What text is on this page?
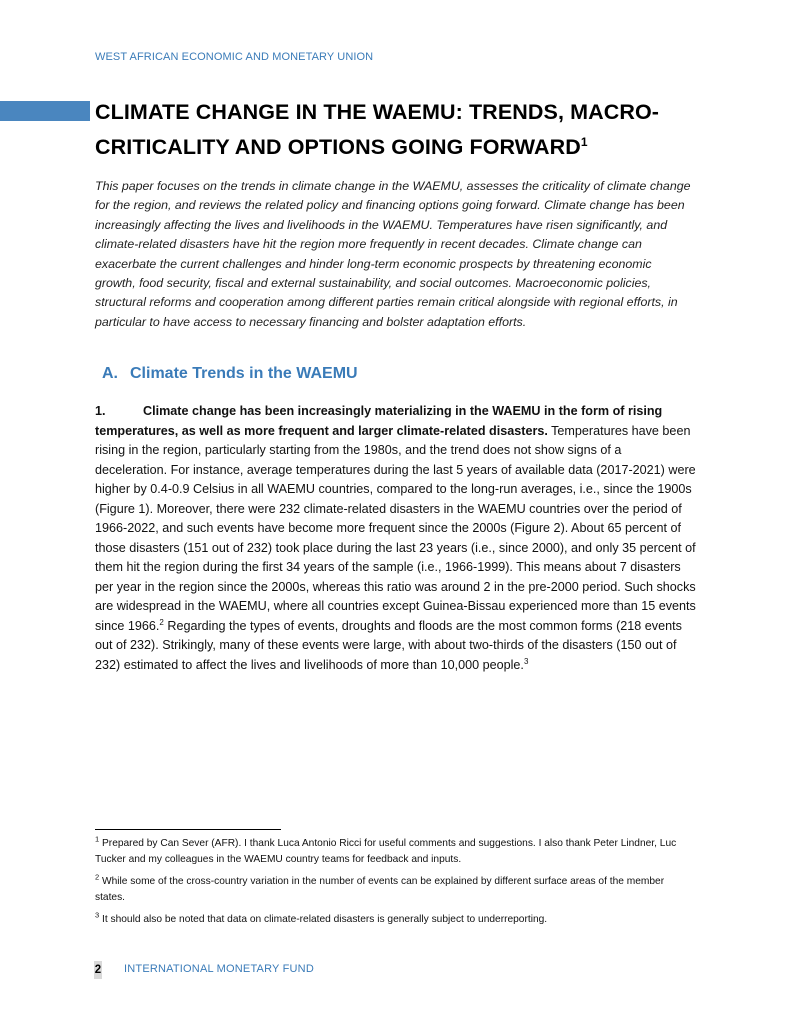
WEST AFRICAN ECONOMIC AND MONETARY UNION
CLIMATE CHANGE IN THE WAEMU: TRENDS, MACRO-CRITICALITY AND OPTIONS GOING FORWARD$^1$

This paper focuses on the trends in climate change in the WAEMU, assesses the criticality of climate change for the region, and reviews the related policy and financing options going forward. Climate change has been increasingly affecting the lives and livelihoods in the WAEMU. Temperatures have risen significantly, and climate-related disasters have hit the region more frequently in recent decades. Climate change can exacerbate the current challenges and hinder long-term economic prospects by threatening economic growth, food security, fiscal and external sustainability, and social outcomes. Macroeconomic policies, structural reforms and cooperation among different parties remain critical alongside with regional efforts, in particular to have access to necessary financing and bolster adaptation efforts.

A. Climate Trends in the WAEMU

1.	Climate change has been increasingly materializing in the WAEMU in the form of rising temperatures, as well as more frequent and larger climate-related disasters. Temperatures have been rising in the region, particularly starting from the 1980s, and the trend does not show signs of a deceleration. For instance, average temperatures during the last 5 years of available data (2017-2021) were higher by 0.4-0.9 Celsius in all WAEMU countries, compared to the long-run averages, i.e., since the 1900s (Figure 1). Moreover, there were 232 climate-related disasters in the WAEMU countries over the period of 1966-2022, and such events have become more frequent since the 2000s (Figure 2). About 65 percent of those disasters (151 out of 232) took place during the last 23 years (i.e., since 2000), and only 35 percent of them hit the region during the first 34 years of the sample (i.e., 1966-1999). This means about 7 disasters per year in the region since the 2000s, whereas this ratio was around 2 in the pre-2000 period. Such shocks are widespread in the WAEMU, where all countries except Guinea-Bissau experienced more than 15 events since 1966.$^2$ Regarding the types of events, droughts and floods are the most common forms (218 events out of 232). Strikingly, many of these events were large, with about two-thirds of the disasters (150 out of 232) estimated to affect the lives and livelihoods of more than 10,000 people.$^3$

$^1$ Prepared by Can Sever (AFR). I thank Luca Antonio Ricci for useful comments and suggestions. I also thank Peter Lindner, Luc Tucker and my colleagues in the WAEMU country teams for feedback and inputs.

$^2$ While some of the cross-country variation in the number of events can be explained by different surface areas of the member states.

$^3$ It should also be noted that data on climate-related disasters is generally subject to underreporting.

2 INTERNATIONAL MONETARY FUND
